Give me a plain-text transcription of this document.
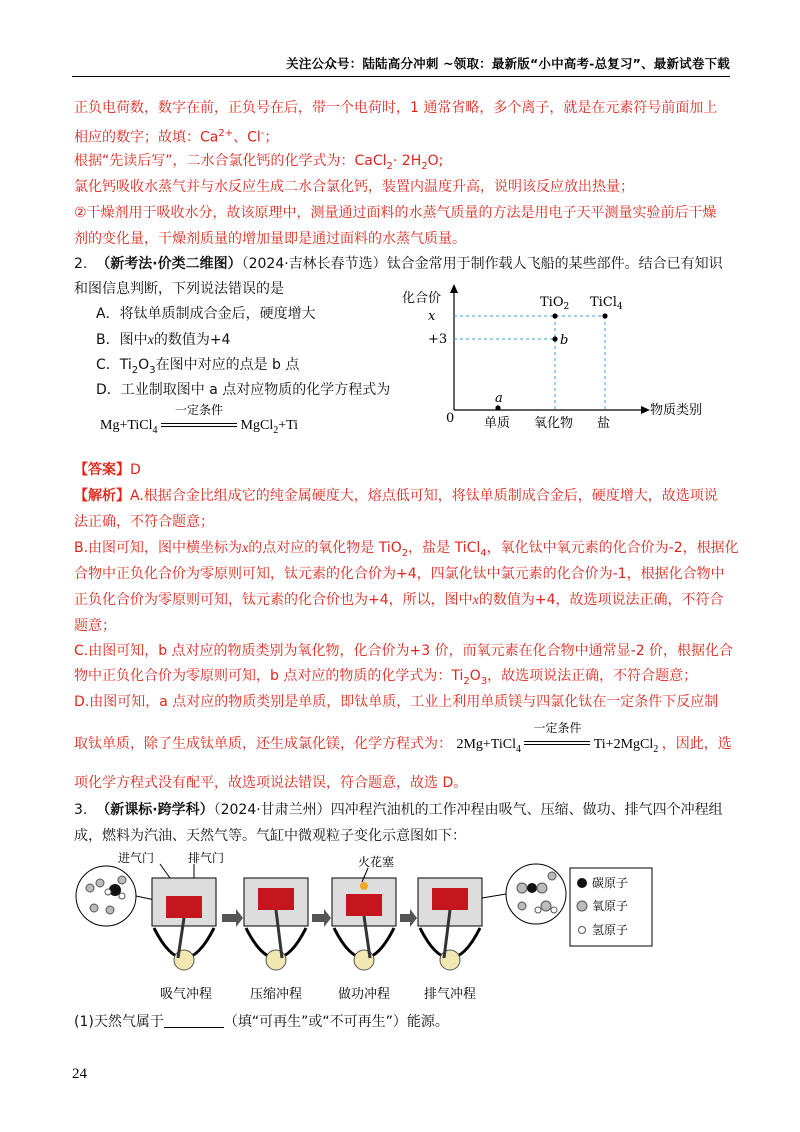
关注公众号：陆陆高分冲刺 ~领取：最新版“小中高考-总复习”、最新试卷下载
正负电荷数，数字在前，正负号在后，带一个电荷时，1 通常省略，多个离子，就是在元素符号前面加上
相应的数字；故填：$Ca^{2+}$、Cl-；
根据“先读后写”，二水合氯化钙的化学式为：CaCl$_2$· $2H_2O$;
氯化钙吸收水蒸气并与水反应生成二水合氯化钙，装置内温度升高，说明该反应放出热量；
②干燥剂用于吸收水分，故该原理中，测量通过面料的水蒸气质量的方法是用电子天平测量实验前后干燥
剂的变化量，干燥剂质量的增加量即是通过面料的水蒸气质量。
2. （新考法·价类二维图）（2024·吉林长春节选）钛合金常用于制作载人飞船的某些部件。结合已有知识
和图信息判断，下列说法错误的是
A．将钛单质制成合金后，硬度增大
B．图中x的数值为+4
C．$Ti_2O_3$在图中对应的点是 b 点
D．工业制取图中 a 点对应物质的化学方程式为
Mg+TiCl$_4$
一定条件
MgCl$_2$+Ti
化合价
物质类别
x
+3
0 单质 氧化物 盐
a
b
TiO$_2$ TiCl$_4$
【答案】D
【解析】A.根据合金比组成它的纯金属硬度大，熔点低可知，将钛单质制成合金后，硬度增大，故选项说
法正确，不符合题意；
B.由图可知，图中横坐标为x的点对应的氧化物是 TiO$_2$，盐是 TiCl$_4$，氧化钛中氧元素的化合价为-2，根据化
合物中正负化合价为零原则可知，钛元素的化合价为+4，四氯化钛中氯元素的化合价为-1，根据化合物中
正负化合价为零原则可知，钛元素的化合价也为+4，所以，图中x的数值为+4，故选项说法正确，不符合
题意；
C.由图可知，b 点对应的物质类别为氧化物，化合价为+3 价，而氧元素在化合物中通常显-2 价，根据化合
物中正负化合价为零原则可知，b 点对应的物质的化学式为：$Ti_2O_3$，故选项说法正确，不符合题意；
D.由图可知，a 点对应的物质类别是单质，即钛单质，工业上利用单质镁与四氯化钛在一定条件下反应制
取钛单质，除了生成钛单质，还生成氯化镁，化学方程式为： 2Mg+TiCl$_4$
一定条件
Ti+2MgCl$_2$ ，因此，选
项化学方程式没有配平，故选项说法错误，符合题意，故选 D。
3. （新课标·跨学科）（2024·甘肃兰州）四冲程汽油机的工作冲程由吸气、压缩、做功、排气四个冲程组
成，燃料为汽油、天然气等。气缸中微观粒子变化示意图如下：
碳原子
氧原子
氢原子
进气门	排气门	火花塞
吸气冲程	压缩冲程	做功冲程	排气冲程
(1)天然气属于	（填“可再生”或“不可再生”）能源。
24
